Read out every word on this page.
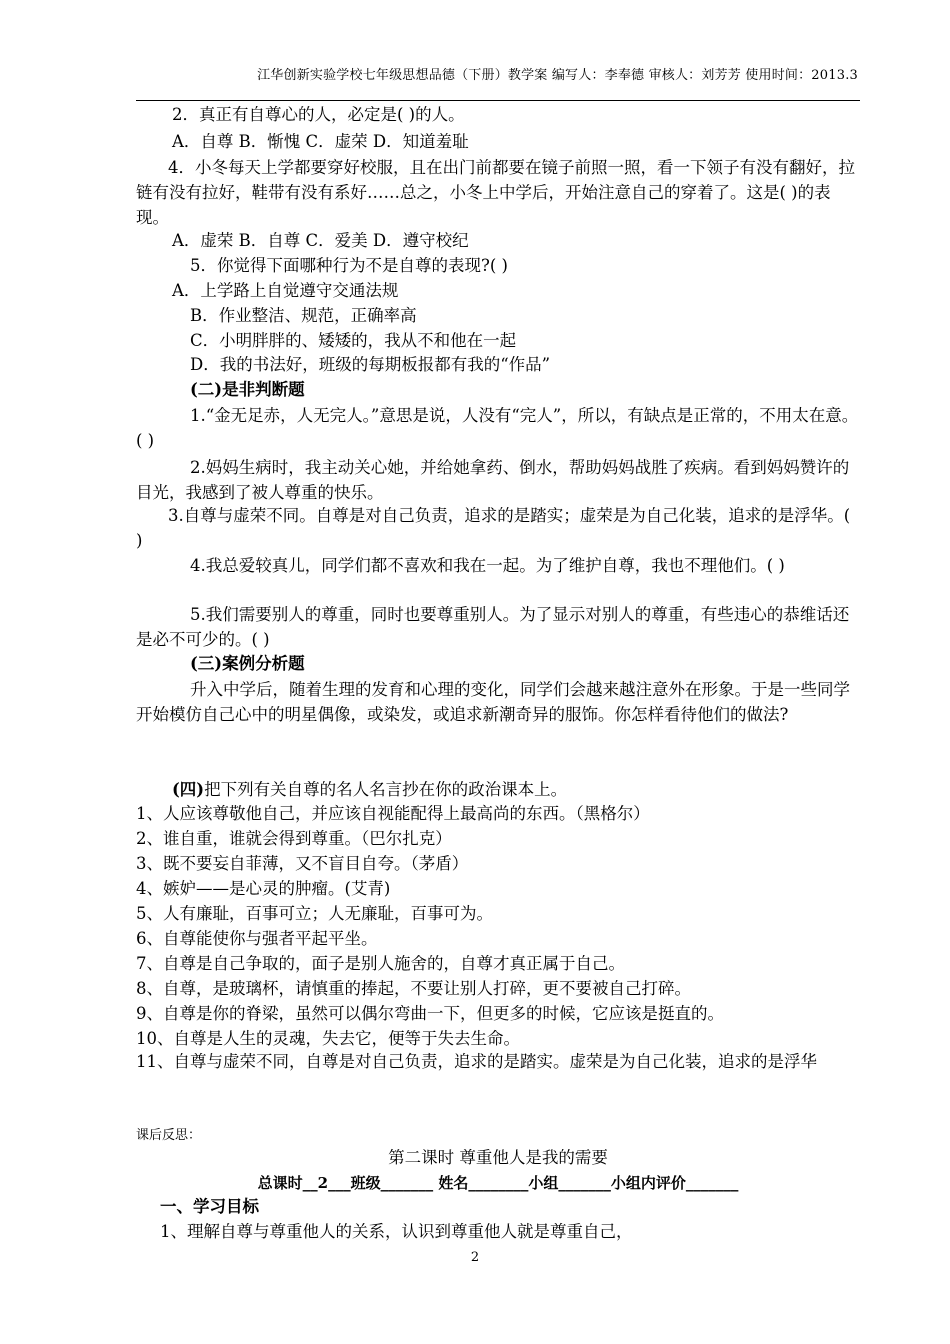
江华创新实验学校七年级思想品德（下册）教学案 编写人：李奉德 审核人：刘芳芳 使用时间：2013.3
2．真正有自尊心的人，必定是( )的人。
A．自尊 B．惭愧 C．虚荣 D．知道羞耻
4．小冬每天上学都要穿好校服，且在出门前都要在镜子前照一照，看一下领子有没有翻好，拉链有没有拉好，鞋带有没有系好……总之，小冬上中学后，开始注意自己的穿着了。这是( )的表现。
A．虚荣 B．自尊 C．爱美 D．遵守校纪
5．你觉得下面哪种行为不是自尊的表现?( )
A．上学路上自觉遵守交通法规
B．作业整洁、规范，正确率高
C．小明胖胖的、矮矮的，我从不和他在一起
D．我的书法好，班级的每期板报都有我的“作品”
(二)是非判断题
1.“金无足赤，人无完人。”意思是说，人没有“完人”，所以，有缺点是正常的，不用太在意。( )
2.妈妈生病时，我主动关心她，并给她拿药、倒水，帮助妈妈战胜了疾病。看到妈妈赞许的目光，我感到了被人尊重的快乐。
3.自尊与虚荣不同。自尊是对自己负责，追求的是踏实；虚荣是为自己化装，追求的是浮华。( )
4.我总爱较真儿，同学们都不喜欢和我在一起。为了维护自尊，我也不理他们。( )
5.我们需要别人的尊重，同时也要尊重别人。为了显示对别人的尊重，有些违心的恭维话还是必不可少的。( )
(三)案例分析题
升入中学后，随着生理的发育和心理的变化，同学们会越来越注意外在形象。于是一些同学开始模仿自己心中的明星偶像，或染发，或追求新潮奇异的服饰。你怎样看待他们的做法?
(四)把下列有关自尊的名人名言抄在你的政治课本上。
1、人应该尊敬他自己，并应该自视能配得上最高尚的东西。（黑格尔）
2、谁自重，谁就会得到尊重。（巴尔扎克）
3、既不要妄自菲薄，又不盲目自夸。（茅盾）
4、嫉妒——是心灵的肿瘤。(艾青)
5、人有廉耻，百事可立；人无廉耻，百事可为。
6、自尊能使你与强者平起平坐。
7、自尊是自己争取的，面子是别人施舍的，自尊才真正属于自己。
8、自尊，是玻璃杯，请慎重的捧起，不要让别人打碎，更不要被自己打碎。
9、自尊是你的脊梁，虽然可以偶尔弯曲一下，但更多的时候，它应该是挺直的。
10、自尊是人生的灵魂，失去它，便等于失去生命。
11、自尊与虚荣不同，自尊是对自己负责，追求的是踏实。虚荣是为自己化装，追求的是浮华
课后反思：
第二课时 尊重他人是我的需要
总课时__2___班级_______ 姓名________小组_______小组内评价_______
一、学习目标
1、理解自尊与尊重他人的关系，认识到尊重他人就是尊重自己，
2
